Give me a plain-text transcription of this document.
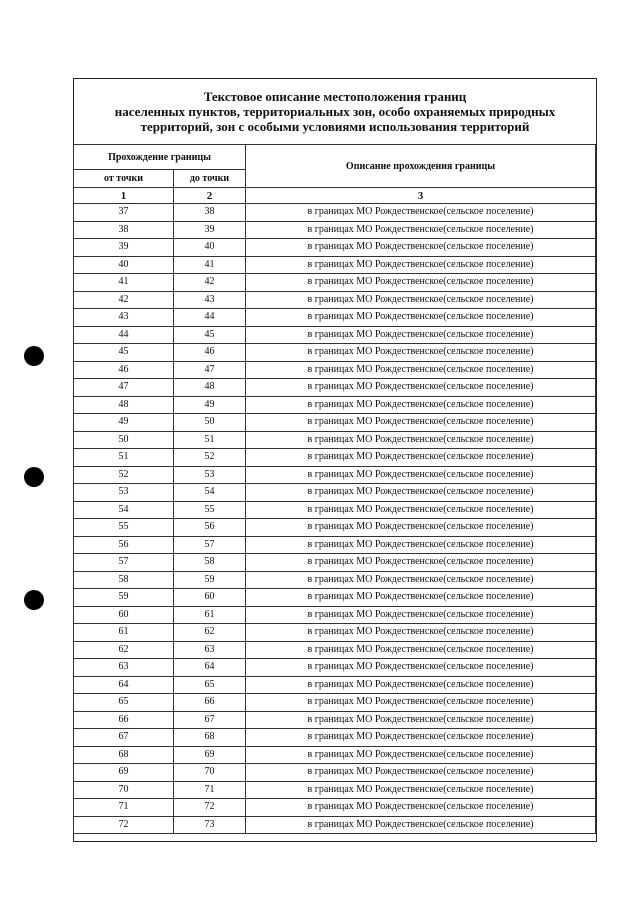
Текстовое описание местоположения границ
населенных пунктов, территориальных зон, особо охраняемых природных
территорий, зон с особыми условиями использования территорий
Прохождение границы		Описание прохождения границы
от точки	до точки	
1	2	3
37	38	в границах МО Рождественское(сельское поселение)
38	39	в границах МО Рождественское(сельское поселение)
39	40	в границах МО Рождественское(сельское поселение)
40	41	в границах МО Рождественское(сельское поселение)
41	42	в границах МО Рождественское(сельское поселение)
42	43	в границах МО Рождественское(сельское поселение)
43	44	в границах МО Рождественское(сельское поселение)
44	45	в границах МО Рождественское(сельское поселение)
45	46	в границах МО Рождественское(сельское поселение)
46	47	в границах МО Рождественское(сельское поселение)
47	48	в границах МО Рождественское(сельское поселение)
48	49	в границах МО Рождественское(сельское поселение)
49	50	в границах МО Рождественское(сельское поселение)
50	51	в границах МО Рождественское(сельское поселение)
51	52	в границах МО Рождественское(сельское поселение)
52	53	в границах МО Рождественское(сельское поселение)
53	54	в границах МО Рождественское(сельское поселение)
54	55	в границах МО Рождественское(сельское поселение)
55	56	в границах МО Рождественское(сельское поселение)
56	57	в границах МО Рождественское(сельское поселение)
57	58	в границах МО Рождественское(сельское поселение)
58	59	в границах МО Рождественское(сельское поселение)
59	60	в границах МО Рождественское(сельское поселение)
60	61	в границах МО Рождественское(сельское поселение)
61	62	в границах МО Рождественское(сельское поселение)
62	63	в границах МО Рождественское(сельское поселение)
63	64	в границах МО Рождественское(сельское поселение)
64	65	в границах МО Рождественское(сельское поселение)
65	66	в границах МО Рождественское(сельское поселение)
66	67	в границах МО Рождественское(сельское поселение)
67	68	в границах МО Рождественское(сельское поселение)
68	69	в границах МО Рождественское(сельское поселение)
69	70	в границах МО Рождественское(сельское поселение)
70	71	в границах МО Рождественское(сельское поселение)
71	72	в границах МО Рождественское(сельское поселение)
72	73	в границах МО Рождественское(сельское поселение)
